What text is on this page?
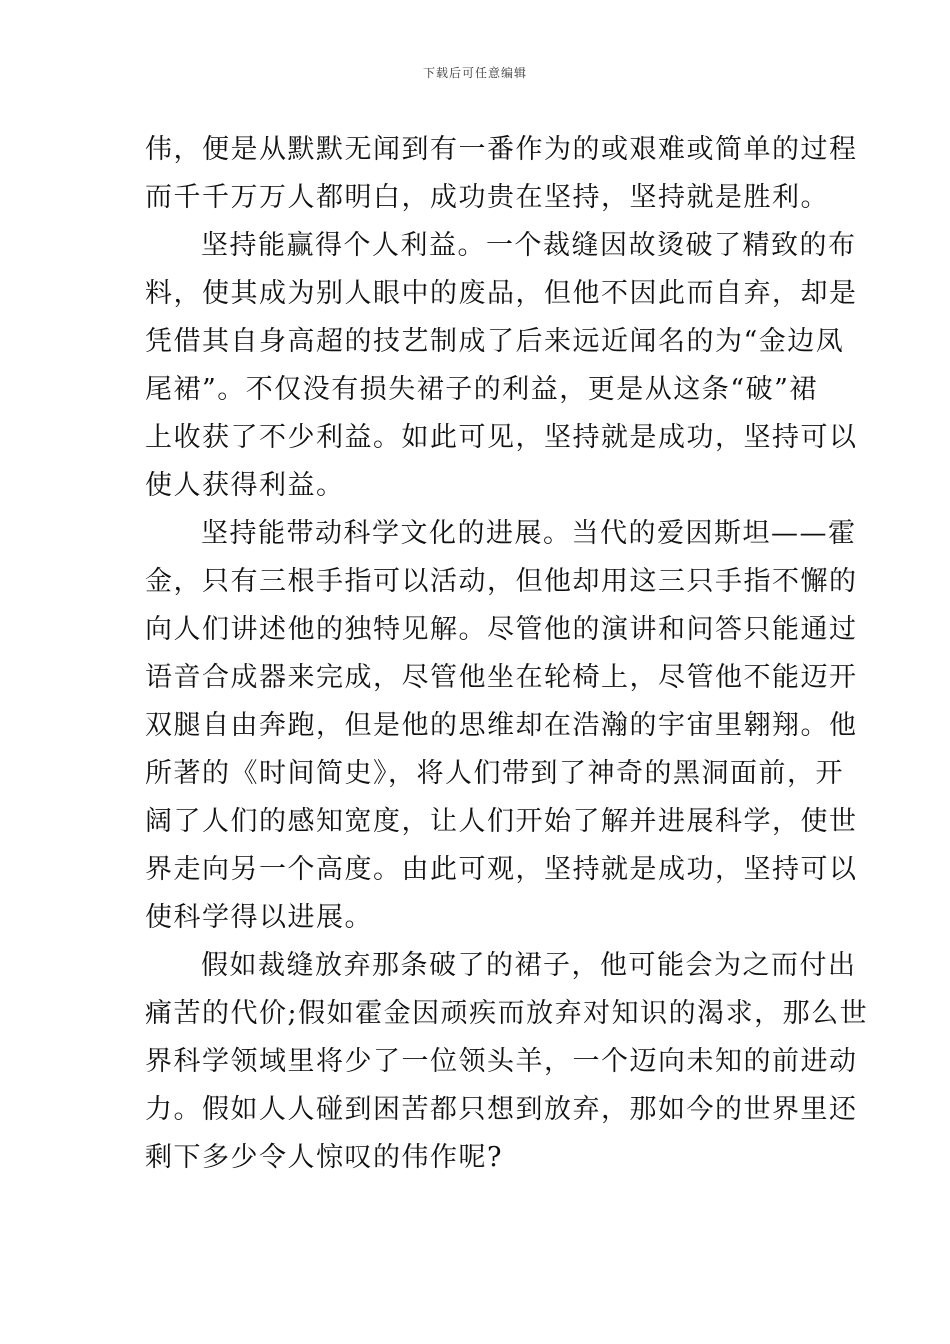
下载后可任意编辑
伟，便是从默默无闻到有一番作为的或艰难或简单的过程
而千千万万人都明白，成功贵在坚持，坚持就是胜利。
坚持能赢得个人利益。一个裁缝因故烫破了精致的布
料，使其成为别人眼中的废品，但他不因此而自弃，却是
凭借其自身高超的技艺制成了后来远近闻名的为“金边凤
尾裙”。不仅没有损失裙子的利益，更是从这条“破”裙
上收获了不少利益。如此可见，坚持就是成功，坚持可以
使人获得利益。
坚持能带动科学文化的进展。当代的爱因斯坦——霍
金，只有三根手指可以活动，但他却用这三只手指不懈的
向人们讲述他的独特见解。尽管他的演讲和问答只能通过
语音合成器来完成，尽管他坐在轮椅上，尽管他不能迈开
双腿自由奔跑，但是他的思维却在浩瀚的宇宙里翱翔。他
所著的《时间简史》，将人们带到了神奇的黑洞面前，开
阔了人们的感知宽度，让人们开始了解并进展科学，使世
界走向另一个高度。由此可观，坚持就是成功，坚持可以
使科学得以进展。
假如裁缝放弃那条破了的裙子，他可能会为之而付出
痛苦的代价;假如霍金因顽疾而放弃对知识的渴求，那么世
界科学领域里将少了一位领头羊，一个迈向未知的前进动
力。假如人人碰到困苦都只想到放弃，那如今的世界里还
剩下多少令人惊叹的伟作呢?
